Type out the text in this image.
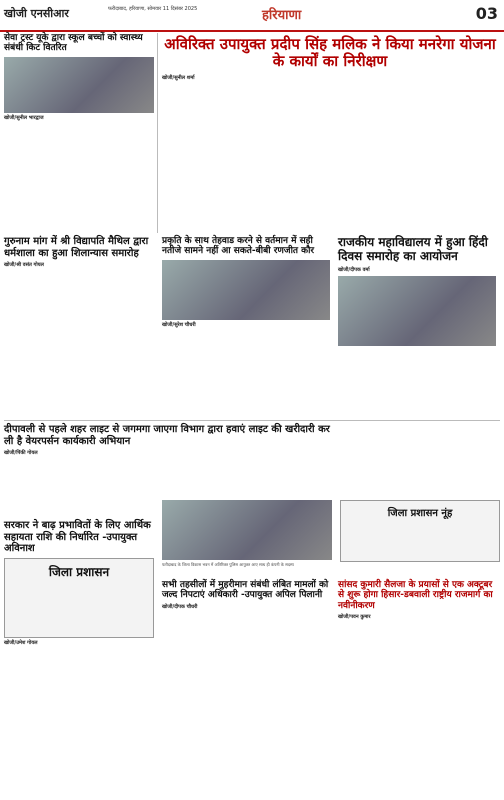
खोजी एनसीआर	फरीदाबाद, हरियाणा, सोमवार 11 दिसंबर 2025	हरियाणा	03
सेवा ट्रस्ट यूके द्वारा स्कूल बच्चों को स्वास्थ्य संबंधी किट वितरित
खोजी/सुनील भारद्वाज
अविरिक्त उपायुक्त प्रदीप सिंह मलिक ने किया मनरेगा योजना के कार्यों का निरीक्षण
खोजी/सुनील शर्मा
गुरुनाम मांग में श्री विद्यापति मैथिल द्वारा धर्मशाला का हुआ शिलान्यास समारोह
खोजी/श्री वसंत गोयल
प्रकृति के साथ तेहवाड करने से वर्तमान में सही नतीजे सामने नहीं आ सकते-बीबी रणजीत कौर
खोजी/सुरेश चौधरी
राजकीय महाविद्यालय में हुआ हिंदी दिवस समारोह का आयोजन
खोजी/दीपक वर्मा
दीपावली से पहले शहर लाइट से जगमगा जाएगा विभाग द्वारा हवाएं लाइट की खरीदारी कर ली है वेयरपर्सन कार्यकारी अभियान
खोजी/पिंकी गोयल
सरकार ने बाढ़ प्रभावितों के लिए आर्थिक सहायता राशि की निर्धारित -उपायुक्त अविनाश
जिला प्रशासन
खोजी/उमेश गोयल
फरीदाबाद के जिला विकास भवन में अतिरिक्त पुलिस आयुक्त आए साथ ही कंपनी के सदस्य
जिला प्रशासन नूंह
सभी तहसीलों में मुहरीमान संबंधी लंबित मामलों को जल्द निपटाएं अधिकारी -उपायुक्त अपिल पिलानी
खोजी/दीपक चौधरी
सांसद कुमारी सैलजा के प्रयासों से एक अक्टूबर से शुरू होगा हिसार-डबवाली राष्ट्रीय राजमार्ग का नवीनीकरण
खोजी/पवन कुमार
